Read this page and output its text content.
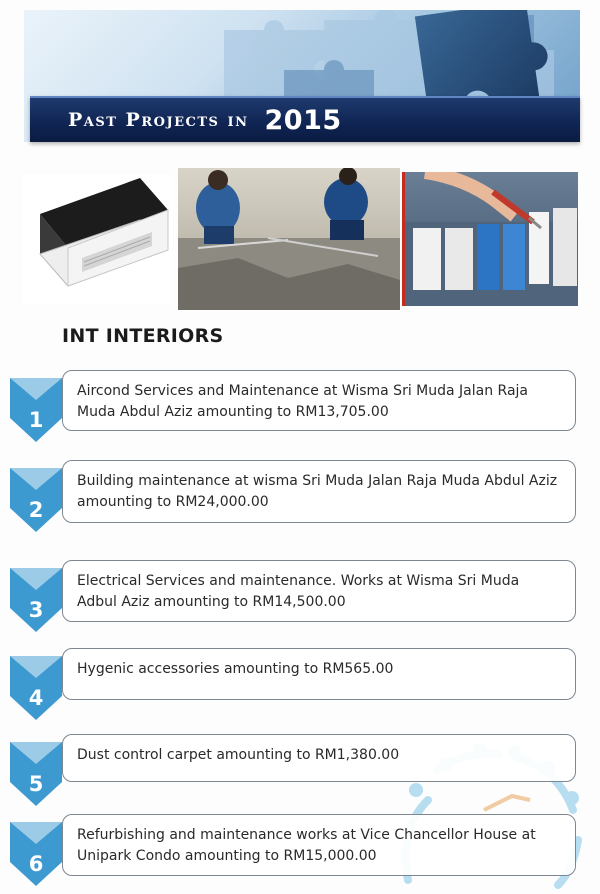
Past Projects in 2015
INT INTERIORS
1
Aircond Services and Maintenance at Wisma Sri Muda Jalan Raja Muda Abdul Aziz amounting to RM13,705.00
2
Building maintenance at wisma Sri Muda Jalan Raja Muda Abdul Aziz amounting to RM24,000.00
3
Electrical Services and maintenance. Works at Wisma Sri Muda Adbul Aziz amounting to RM14,500.00
4
Hygenic accessories amounting to RM565.00
5
Dust control carpet amounting to RM1,380.00
6
Refurbishing and maintenance works at Vice Chancellor House at Unipark Condo amounting to RM15,000.00
